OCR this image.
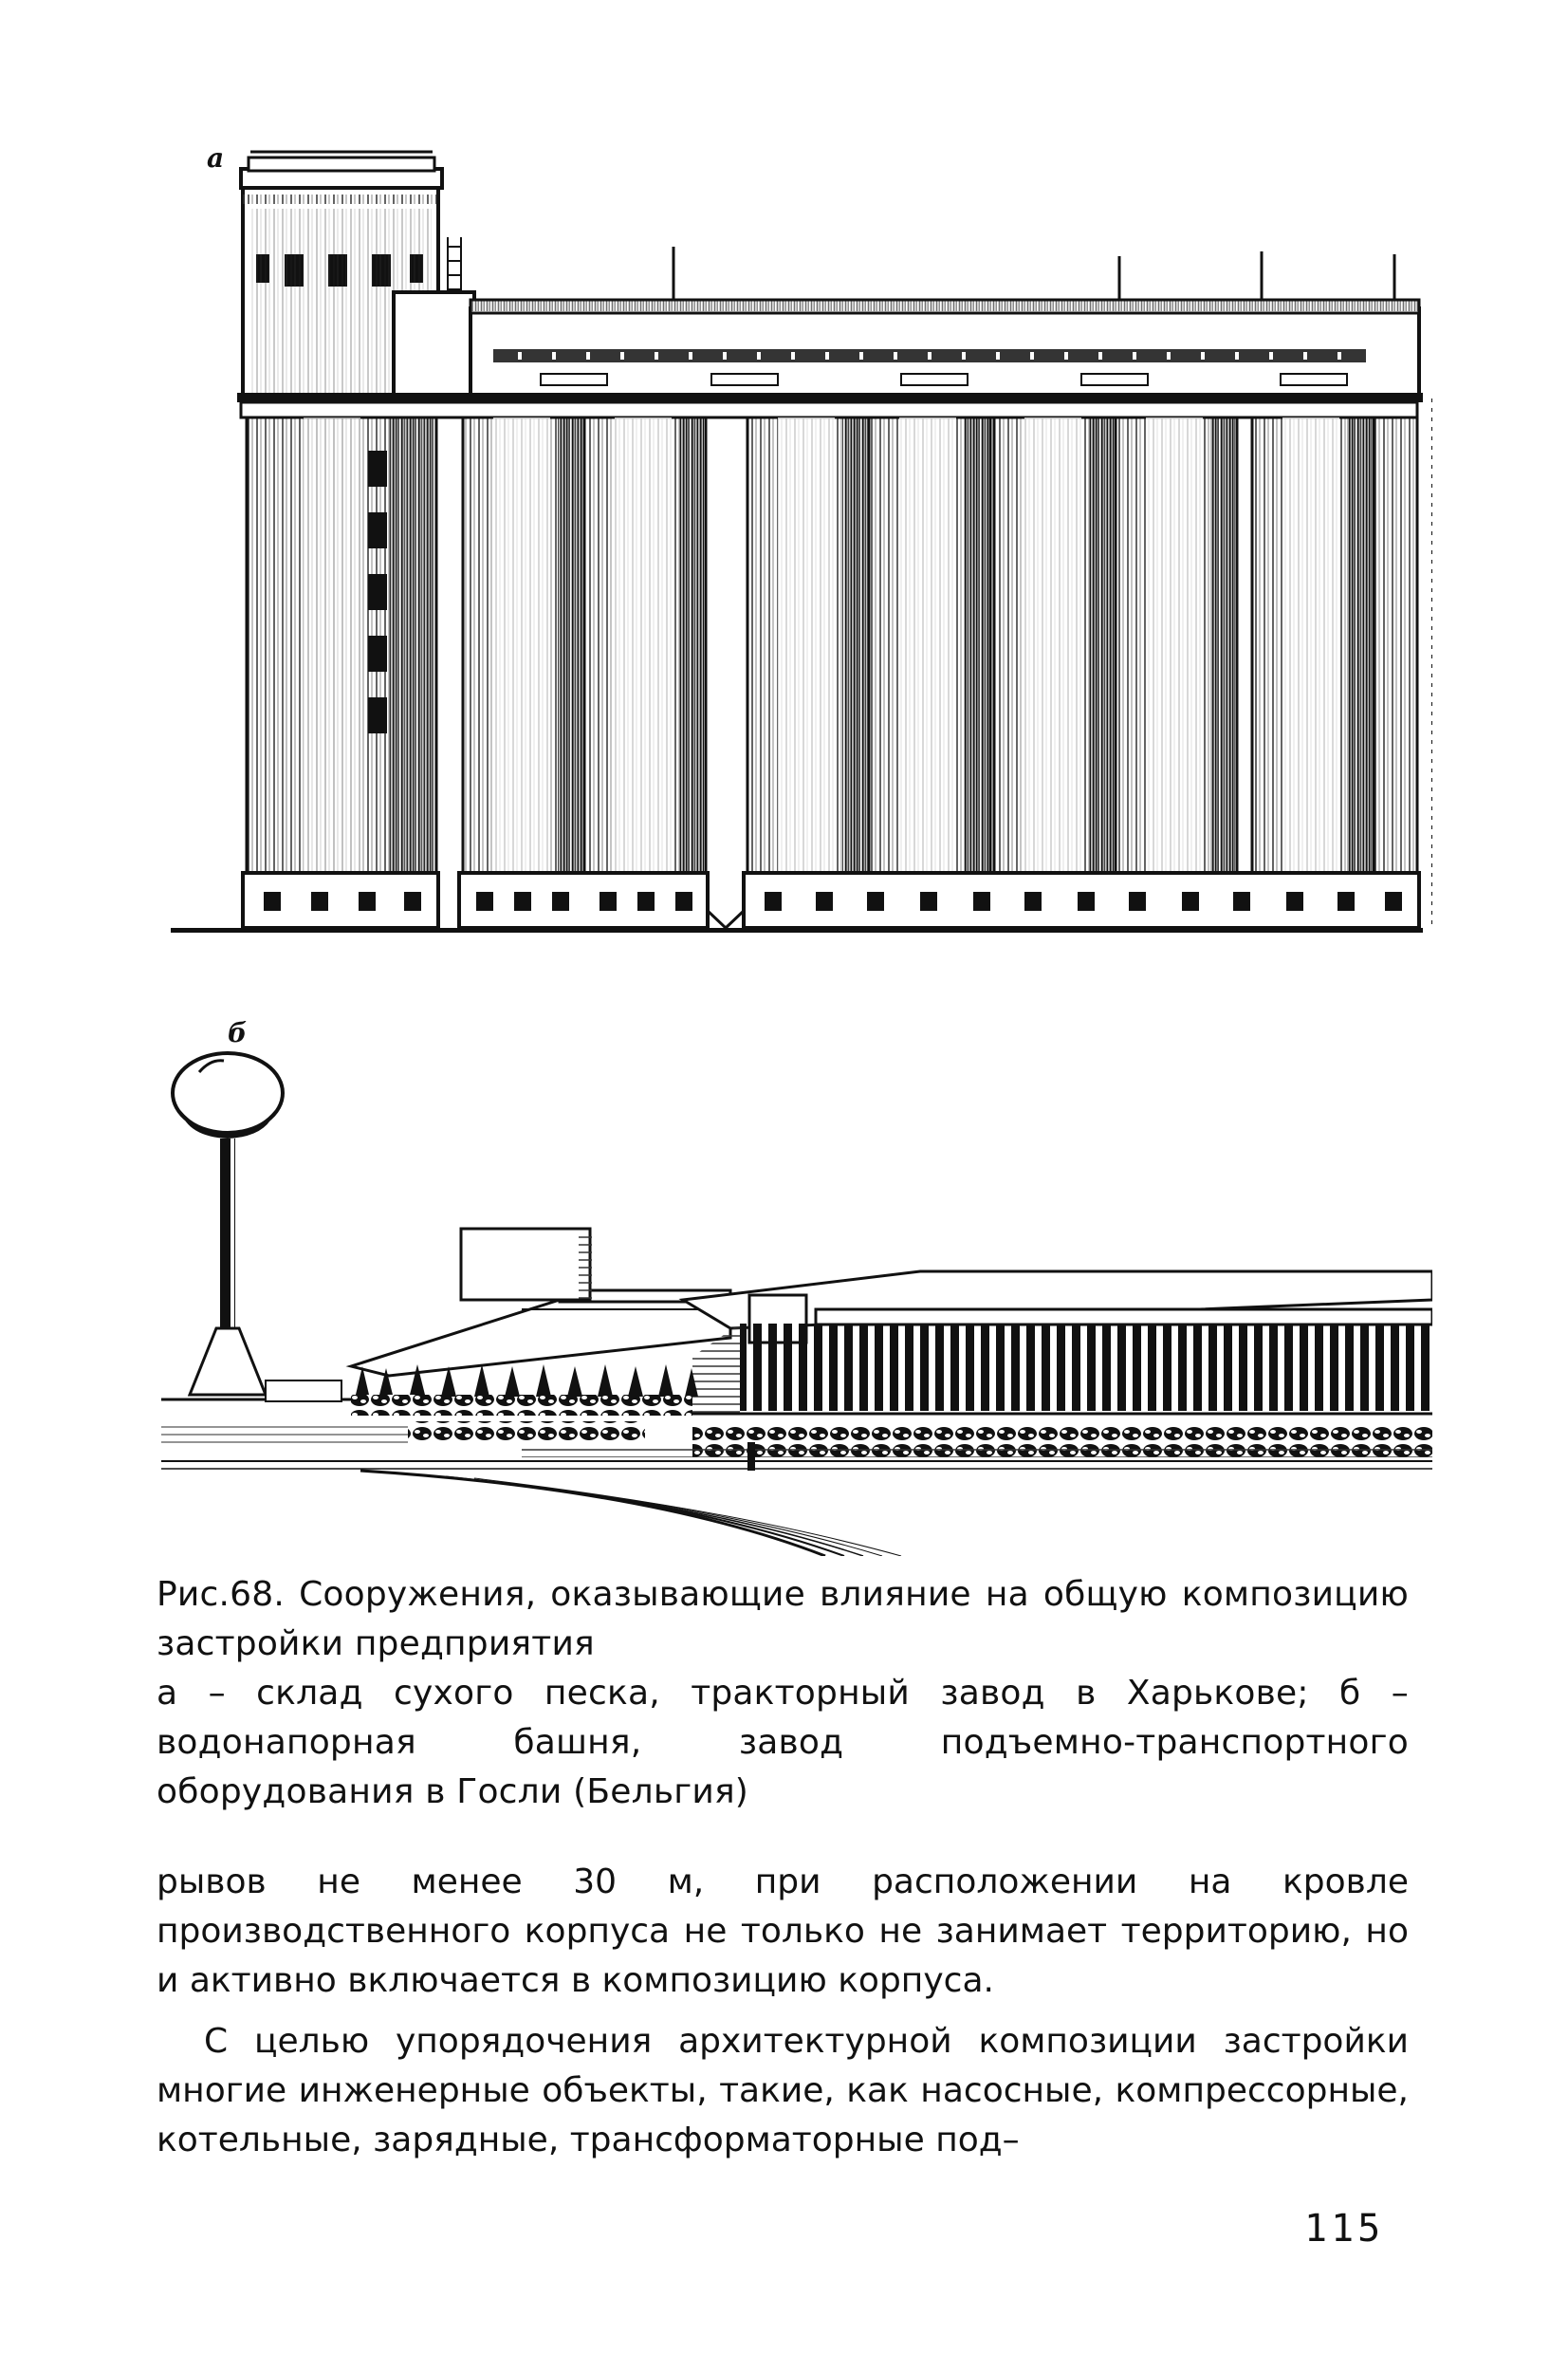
а
б

Рис.68. Сооружения, оказывающие влияние на общую композицию застройки предприятия

а – склад сухого песка, тракторный завод в Харькове; б – водонапорная башня, завод подъемно-транспортного оборудования в Госли (Бельгия)

рывов не менее 30 м, при расположении на кровле производственного корпуса не только не занимает территорию, но и активно включается в композицию корпуса.

С целью упорядочения архитектурной композиции застройки многие инженерные объекты, такие, как насосные, компрессорные, котельные, зарядные, трансформаторные под–

115
